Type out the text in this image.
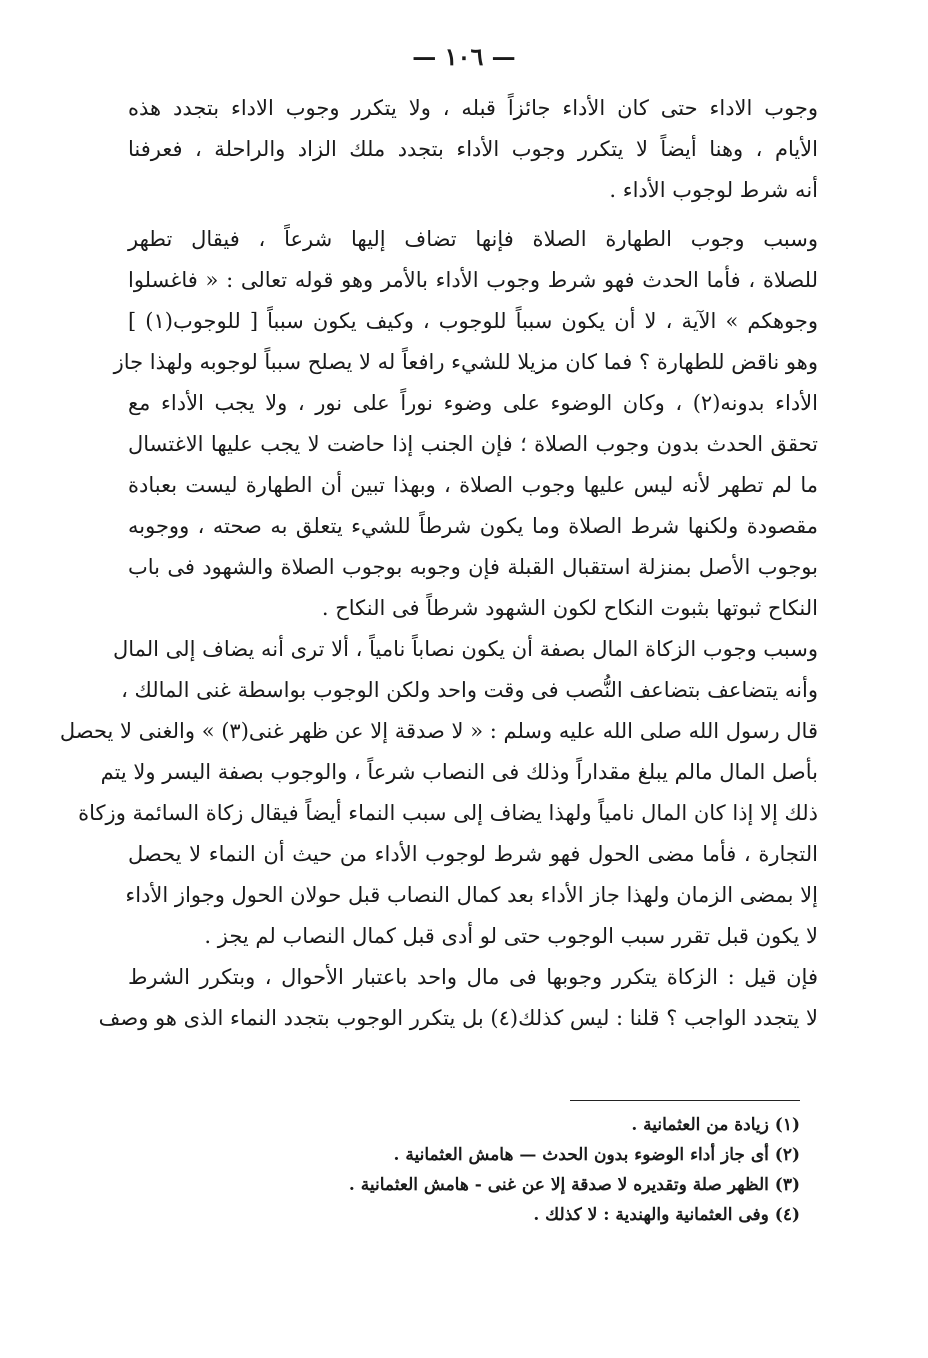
— ١٠٦ —
وجوب الاداء حتى كان الأداء جائزاً قبله ، ولا يتكرر وجوب الاداء بتجدد هذه
الأيام ، وهنا أيضاً لا يتكرر وجوب الأداء بتجدد ملك الزاد والراحلة ، فعرفنا
أنه شرط لوجوب الأداء .
وسبب وجوب الطهارة الصلاة فإنها تضاف إليها شرعاً ، فيقال تطهر
للصلاة ، فأما الحدث فهو شرط وجوب الأداء بالأمر وهو قوله تعالى : « فاغسلوا
وجوهكم » الآية ، لا أن يكون سبباً للوجوب ، وكيف يكون سبباً [ للوجوب(١) ]
وهو ناقض للطهارة ؟ فما كان مزيلا للشيء رافعاً له لا يصلح سبباً لوجوبه ولهذا جاز
الأداء بدونه(٢) ، وكان الوضوء على وضوء نوراً على نور ، ولا يجب الأداء مع
تحقق الحدث بدون وجوب الصلاة ؛ فإن الجنب إذا حاضت لا يجب عليها الاغتسال
ما لم تطهر لأنه ليس عليها وجوب الصلاة ، وبهذا تبين أن الطهارة ليست بعبادة
مقصودة ولكنها شرط الصلاة وما يكون شرطاً للشيء يتعلق به صحته ، ووجوبه
بوجوب الأصل بمنزلة استقبال القبلة فإن وجوبه بوجوب الصلاة والشهود فى باب
النكاح ثبوتها بثبوت النكاح لكون الشهود شرطاً فى النكاح .
وسبب وجوب الزكاة المال بصفة أن يكون نصاباً نامياً ، ألا ترى أنه يضاف إلى المال
وأنه يتضاعف بتضاعف النُّصب فى وقت واحد ولكن الوجوب بواسطة غنى المالك ،
قال رسول الله صلى الله عليه وسلم : « لا صدقة إلا عن ظهر غنى(٣) » والغنى لا يحصل
بأصل المال مالم يبلغ مقداراً وذلك فى النصاب شرعاً ، والوجوب بصفة اليسر ولا يتم
ذلك إلا إذا كان المال نامياً ولهذا يضاف إلى سبب النماء أيضاً فيقال زكاة السائمة وزكاة
التجارة ، فأما مضى الحول فهو شرط لوجوب الأداء من حيث أن النماء لا يحصل
إلا بمضى الزمان ولهذا جاز الأداء بعد كمال النصاب قبل حولان الحول وجواز الأداء
لا يكون قبل تقرر سبب الوجوب حتى لو أدى قبل كمال النصاب لم يجز .
فإن قيل : الزكاة يتكرر وجوبها فى مال واحد باعتبار الأحوال ، وبتكرر الشرط
لا يتجدد الواجب ؟ قلنا : ليس كذلك(٤) بل يتكرر الوجوب بتجدد النماء الذى هو وصف
(١) زيادة من العثمانية .
(٢) أى جاز أداء الوضوء بدون الحدث — هامش العثمانية .
(٣) الظهر صلة وتقديره لا صدقة إلا عن غنى - هامش العثمانية .
(٤) وفى العثمانية والهندية : لا كذلك .
